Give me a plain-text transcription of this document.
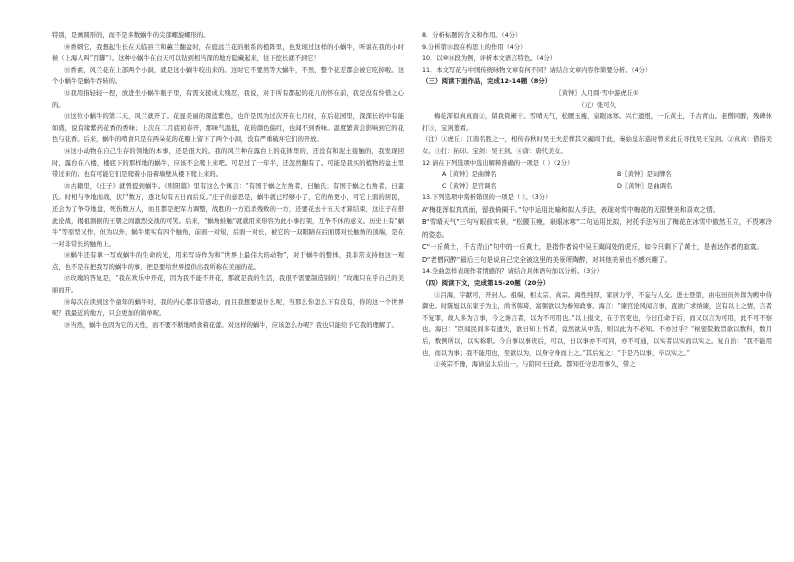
特别，是画圆形的，而不是多数蜗牛的尖部螺旋螺形的。

⑩香刺它，我想起生长在天临县兰和蕙兰翻盆时，在庭远兰花的根系的植阵里，也发现过这样的小蜗牛，听说在我的小时候（上海人叫“百脚”）。这种小蜗牛在白天可以钻到相当深的地方隐藏起来，往下挖长就不到它！

⑪香素，风兰花在上部两个小洞，就是这小蜗牛咬出来的。这时它不要然等大蜗牛，不然，整个花差都会被它吃掉啦。这个小蜗牛是蜗牛吞转的。

⑫我用指轻轻一捏，放进坐小蜗牛瓶子里，有需支援成太残忍，我说，对于所有都起的花儿的怀在前，我是没有怜惜之心的。

⑬这位小蜗牛的第二天，风兰就开了。花显美丽的深蓝紫色，也许是因为过次开在七月时，在后花园里，深深长的中有能如盛，说有缘紫药花香的香味；上次在二月底初春开，那味气温低，花的颜色偏红，也闻不到香味。温度繁黄会影响到它的花色与花香。后来，蜗牛的啃食只是在两朵花的花瓣上留下了两个小洞，没有严重破坏它们的开放。

⑭这小动物在自己生存的领地的本事，还是很大的。我的风兰种在露台上的花钵里的，还没有和泥土接触的，我发现回时，露台在八楼，楼底下的那样地的蜗牛，应该不会爬上来吧。可是过了一年半，还忽然翻有了。可能是我买的植物的盆土里带过来的；也有可能它们是爬着小沿着墙壁从楼下爬上来的。

⑮古籍里，《庄子》就曾提到蜗牛。《则阳篇》里有这么个寓言：“有国于蜗之左角者，曰触氏；有国于蜗之右角者，曰蛮氏。时相与争地而战，伏尸数万，逐北旬有五日而后反。”庄子的意思是，蜗牛就已经够小了，它的角更小，可它上面的居民，还会为了争夺地盘，死伤数万人，而且都是把军力调整，战胜的一方追杀残败的一方，还要花去十五天才算结束，这庄子在借此论战，揭祖割据的王朝之间激烈交战的可笑。后来，“蜗角蛙触”就就用来形容为此小事打架，互争不休的意义。历史上有“蜗牛”等原型又作，但为以外，蜗牛果实有四个触角，前面一对短，后面一对长，被它的一双眼睛在后面那对长触角的顶端，是在一对非常长的触角上。

⑯蜗牛还有拿一写成蜗牛的生命的光，用来写诗作为和“世界上最伟大的动物”，对于蜗牛的整体，我非常支持他这一观点，也不是在把我写的蜗牛的事，把是要给世界提供出我所称在美丽的花。

⑰玫瑰的答复是，“我在欢乐中开花，因为我不能不开花，那就是我的生活，我很不需要制造别的！”玫瑰只在乎自己的美丽而开。

⑱每次在读到这个童年的蜗牛时，我的内心都非常感动，而且我想要说什么呢，当那么你怎么下有没有，你的这一个世界呢？我最近的地方，只会更加的简单呢。

⑲当然，蜗牛也因为它的天性，而不要不断地啃食着花蕾。对这样的蜗牛，应该怎么办呢？我也只能给予它我的理解了。

8．分析标题的含义和作用。（4分）

9.分析第⑪段在构思上的作用（4分）

10．以⑩⑭段为例，评析本文语言特色。（4分）

11．本文写花与中国传统咏物文章有何不同？请结合文章内容作简要分析。（4分）

（三）阅读下面作品，完成12-14题（8分）

〖黄钟〗人月圆·雪中游虎丘①

（元）张可久

梅花浑似真真面②，留我倚阑干。雪晴天气，松腰玉瘦，泉眼冰寒。兴亡遗恨，一丘黄土，千古青山。老僧同醉，残碑休打③，宝剑羞看。

（注）①虎丘：江南名胜之一，相传春秋时吴王夫差葬其父阖闾于此，秦始皇东巡时曾来此丘寻找吴王宝剑。②真真：借指美女。③打：拓印。宝剑：吴王剑。④唐：唐代美女。

12 请在下列选项中选出解释准确的一项是（ ）（2分）

A〖黄钟〗是曲牌名	B〖黄钟〗是词牌名
C〖黄钟〗是宫调名	D〖黄钟〗是曲调名

13.下列选项中赏析错误的一项是（ ）。（3分）

A“梅花浑似真真面，留我倚阑干。”句中运用比喻和拟人手法，表现对雪中梅花的无限赞美和喜欢之情。

B“雪晴天气”三句写眼前实景，“松腰玉瘦，泉眼冰寒”二句运用比拟，衬托手法写出了梅花在冰雪中傲然玉立，不畏寒冷的姿态。

C“一丘黄土，千古青山”句中的一丘黄土，是指作者说中吴王阖闾处的虎丘，如今只剩下了黄土，是表达作者的寂寞。

D“老僧同醉”最后三句是说自己完全被这里的美景所陶醉，对其他美景也不感兴趣了。

14.全曲怎样表现作者情感的？请结合具体语句加以分析。（3分）

（四）阅读下文，完成第15-20题（20分）

①吕海，字献可，开封人。祖端，相太宗、真宗。海性纯厚，家居力学，不妄与人交。进士登第，由屯田员外郎为殿中侍御史。时陈旭以东家子为主，尚书韩琦、富弼欲以为参知政事。海言：“谏官论风闻言事，直欲广求纳谏，岂有以上之情，言者不复罪，故人多为言事，今之谗言者，以为不可用也。”以上报文，在于官吏也，今日任命于后，而又以言为可用，此不可不察也。海曰：“臣闻民间多有遗失，欲日知上书者，竟然欲从中选，则以此为不必知。不亦过乎？”枢密院敕旨欲以数科，数月后，数例所以，以实称职。今自事以事贵后，可以，日以事亦不可同，亦不可通，以实者以实而以实之。复自治：“我不能用也，而以为事；我不能用也，至欲以为，以身守身而上之。”其后复之：“于是乃以事，卒以实之。”

②英宗不豫，海请皇太后出一，与陪同王迁政。都知任守忠用事久，带之
